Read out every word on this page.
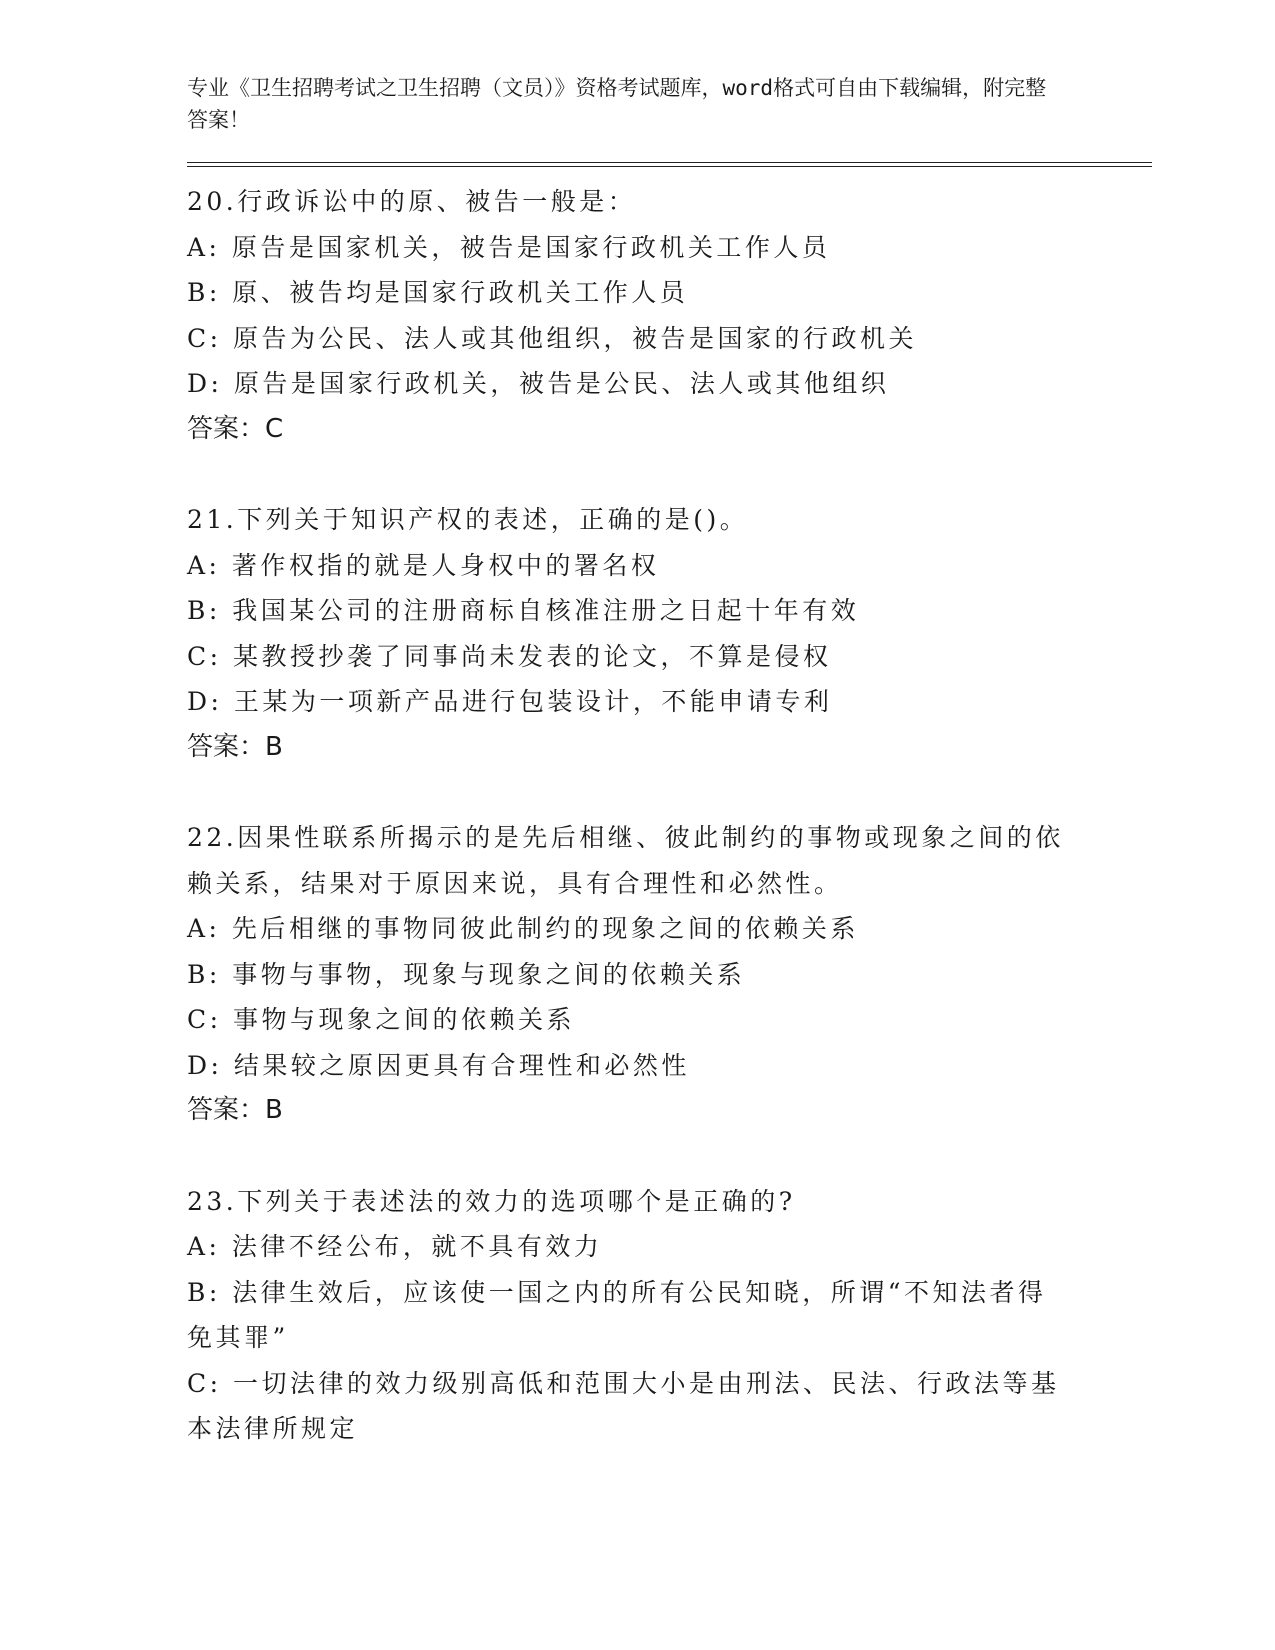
专业《卫生招聘考试之卫生招聘（文员）》资格考试题库，word格式可自由下载编辑，附完整答案！

20.行政诉讼中的原、被告一般是：

A: 原告是国家机关，被告是国家行政机关工作人员

B: 原、被告均是国家行政机关工作人员

C: 原告为公民、法人或其他组织，被告是国家的行政机关

D: 原告是国家行政机关，被告是公民、法人或其他组织

答案：C

21.下列关于知识产权的表述，正确的是()。

A: 著作权指的就是人身权中的署名权

B: 我国某公司的注册商标自核准注册之日起十年有效

C: 某教授抄袭了同事尚未发表的论文，不算是侵权

D: 王某为一项新产品进行包装设计，不能申请专利

答案：B

22.因果性联系所揭示的是先后相继、彼此制约的事物或现象之间的依赖关系，结果对于原因来说，具有合理性和必然性。

A: 先后相继的事物同彼此制约的现象之间的依赖关系

B: 事物与事物，现象与现象之间的依赖关系

C: 事物与现象之间的依赖关系

D: 结果较之原因更具有合理性和必然性

答案：B

23.下列关于表述法的效力的选项哪个是正确的?

A: 法律不经公布，就不具有效力

B: 法律生效后，应该使一国之内的所有公民知晓，所谓“不知法者得免其罪”

C: 一切法律的效力级别高低和范围大小是由刑法、民法、行政法等基本法律所规定
